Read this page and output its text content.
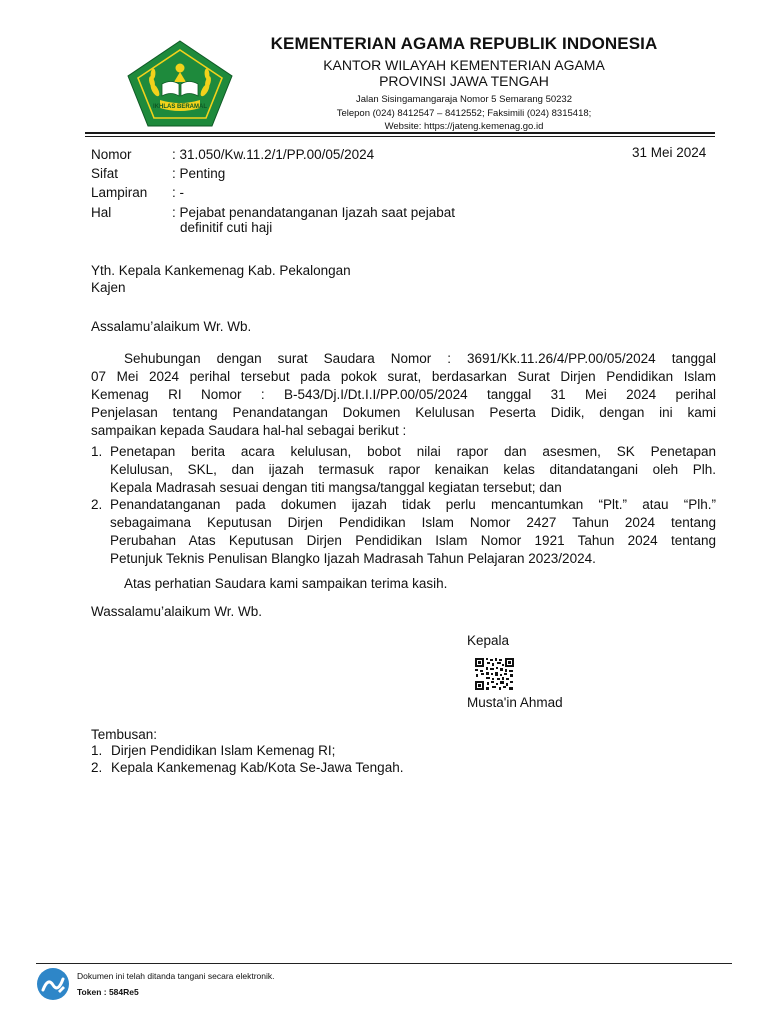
IKHLAS BERAMAL
KEMENTERIAN AGAMA REPUBLIK INDONESIA
KANTOR WILAYAH KEMENTERIAN AGAMA
PROVINSI JAWA TENGAH
Jalan Sisingamangaraja Nomor 5 Semarang 50232
Telepon (024) 8412547 – 8412552; Faksimili (024) 8315418;
Website: https://jateng.kemenag.go.id
31 Mei 2024
Nomor	: 31.050/Kw.11.2/1/PP.00/05/2024
Sifat	: Penting
Lampiran : -
Hal	: Pejabat penandatanganan Ijazah saat pejabat
definitif cuti haji
Yth. Kepala Kankemenag Kab. Pekalongan
Kajen
Assalamu’alaikum Wr. Wb.
Sehubungan dengan surat Saudara Nomor : 3691/Kk.11.26/4/PP.00/05/2024 tanggal
07 Mei 2024 perihal tersebut pada pokok surat, berdasarkan Surat Dirjen Pendidikan Islam
Kemenag RI Nomor : B-543/Dj.I/Dt.I.I/PP.00/05/2024 tanggal 31 Mei 2024 perihal
Penjelasan tentang Penandatangan Dokumen Kelulusan Peserta Didik, dengan ini kami
sampaikan kepada Saudara hal-hal sebagai berikut :
1. Penetapan berita acara kelulusan, bobot nilai rapor dan asesmen, SK Penetapan
Kelulusan, SKL, dan ijazah termasuk rapor kenaikan kelas ditandatangani oleh Plh.
Kepala Madrasah sesuai dengan titi mangsa/tanggal kegiatan tersebut; dan
2. Penandatanganan pada dokumen ijazah tidak perlu mencantumkan “Plt.” atau “Plh.”
sebagaimana Keputusan Dirjen Pendidikan Islam Nomor 2427 Tahun 2024 tentang
Perubahan Atas Keputusan Dirjen Pendidikan Islam Nomor 1921 Tahun 2024 tentang
Petunjuk Teknis Penulisan Blangko Ijazah Madrasah Tahun Pelajaran 2023/2024.
Atas perhatian Saudara kami sampaikan terima kasih.
Wassalamu’alaikum Wr. Wb.
Kepala
Musta'in Ahmad
Tembusan:
1. Dirjen Pendidikan Islam Kemenag RI;
2. Kepala Kankemenag Kab/Kota Se-Jawa Tengah.
Dokumen ini telah ditanda tangani secara elektronik.
Token : 584Re5
